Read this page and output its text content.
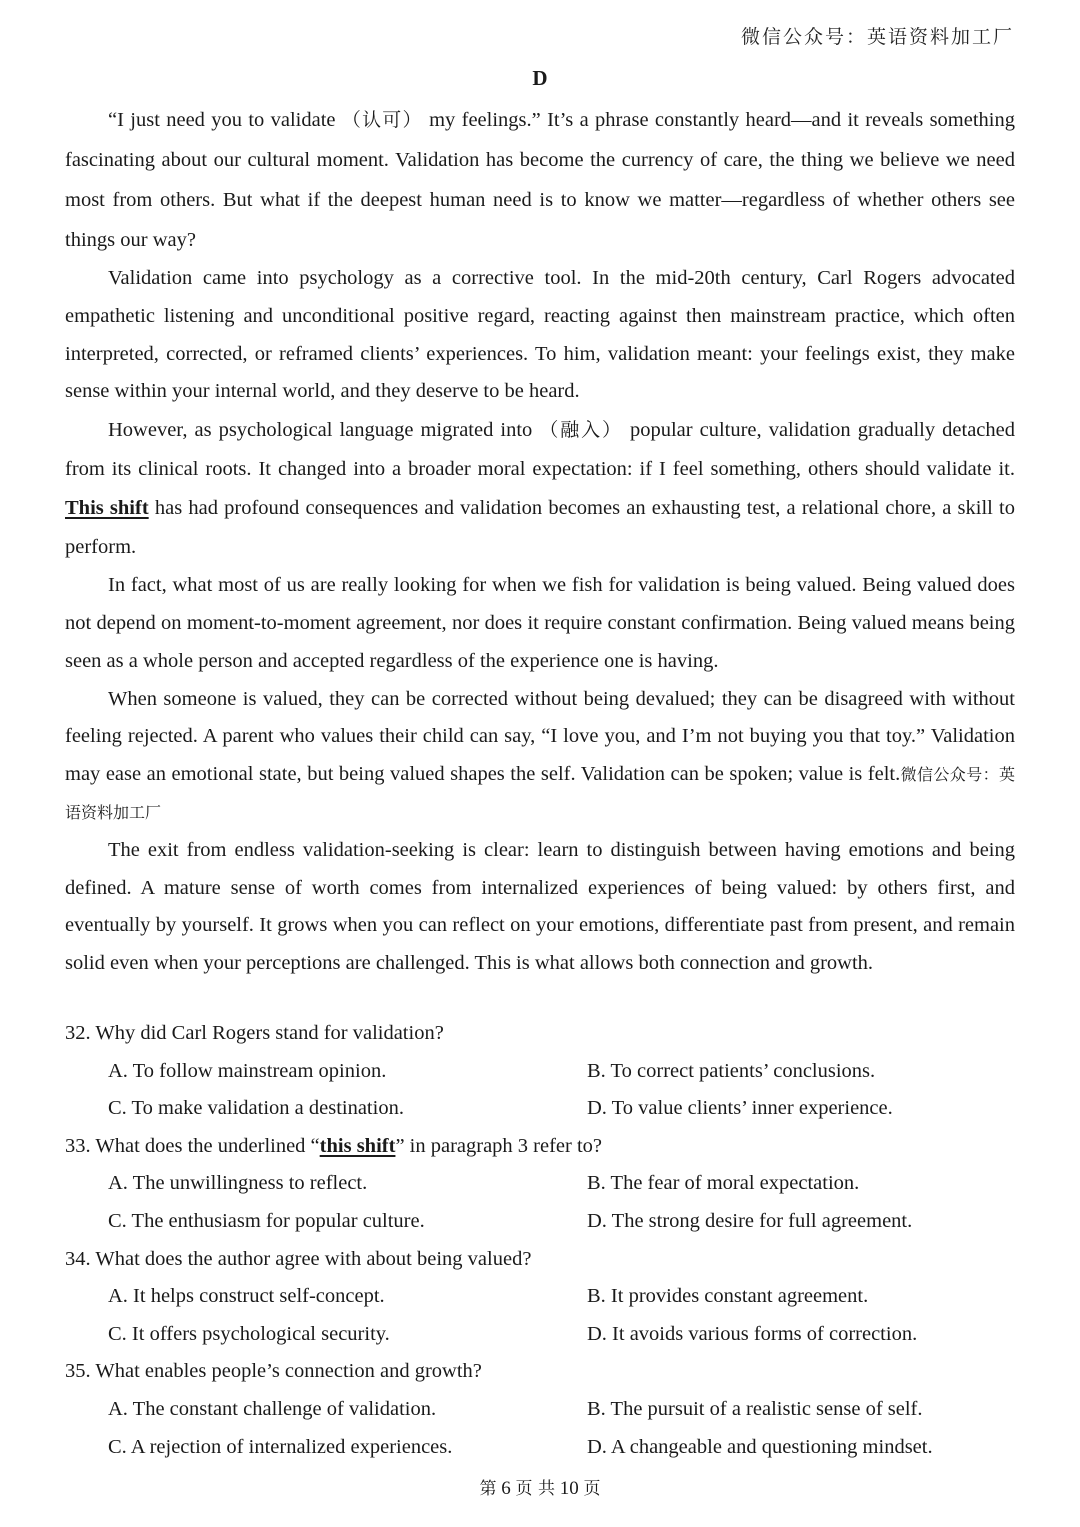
微信公众号：英语资料加工厂
D

“I just need you to validate （认可） my feelings.” It’s a phrase constantly heard—and it reveals something fascinating about our cultural moment. Validation has become the currency of care, the thing we believe we need most from others. But what if the deepest human need is to know we matter—regardless of whether others see things our way?

Validation came into psychology as a corrective tool. In the mid-20th century, Carl Rogers advocated empathetic listening and unconditional positive regard, reacting against then mainstream practice, which often interpreted, corrected, or reframed clients’ experiences. To him, validation meant: your feelings exist, they make sense within your internal world, and they deserve to be heard.

However, as psychological language migrated into （融入） popular culture, validation gradually detached from its clinical roots. It changed into a broader moral expectation: if I feel something, others should validate it. This shift has had profound consequences and validation becomes an exhausting test, a relational chore, a skill to perform.

In fact, what most of us are really looking for when we fish for validation is being valued. Being valued does not depend on moment-to-moment agreement, nor does it require constant confirmation. Being valued means being seen as a whole person and accepted regardless of the experience one is having.

When someone is valued, they can be corrected without being devalued; they can be disagreed with without feeling rejected. A parent who values their child can say, “I love you, and I’m not buying you that toy.” Validation may ease an emotional state, but being valued shapes the self. Validation can be spoken; value is felt.微信公众号：英语资料加工厂

The exit from endless validation-seeking is clear: learn to distinguish between having emotions and being defined. A mature sense of worth comes from internalized experiences of being valued: by others first, and eventually by yourself. It grows when you can reflect on your emotions, differentiate past from present, and remain solid even when your perceptions are challenged. This is what allows both connection and growth.

32. Why did Carl Rogers stand for validation?

A. To follow mainstream opinion.	B. To correct patients’ conclusions.

C. To make validation a destination.	D. To value clients’ inner experience.

33. What does the underlined “this shift” in paragraph 3 refer to?

A. The unwillingness to reflect.	B. The fear of moral expectation.

C. The enthusiasm for popular culture.	D. The strong desire for full agreement.

34. What does the author agree with about being valued?

A. It helps construct self-concept.	B. It provides constant agreement.

C. It offers psychological security.	D. It avoids various forms of correction.

35. What enables people’s connection and growth?

A. The constant challenge of validation.	B. The pursuit of a realistic sense of self.

C. A rejection of internalized experiences.	D. A changeable and questioning mindset.

第 6 页 共 10 页
